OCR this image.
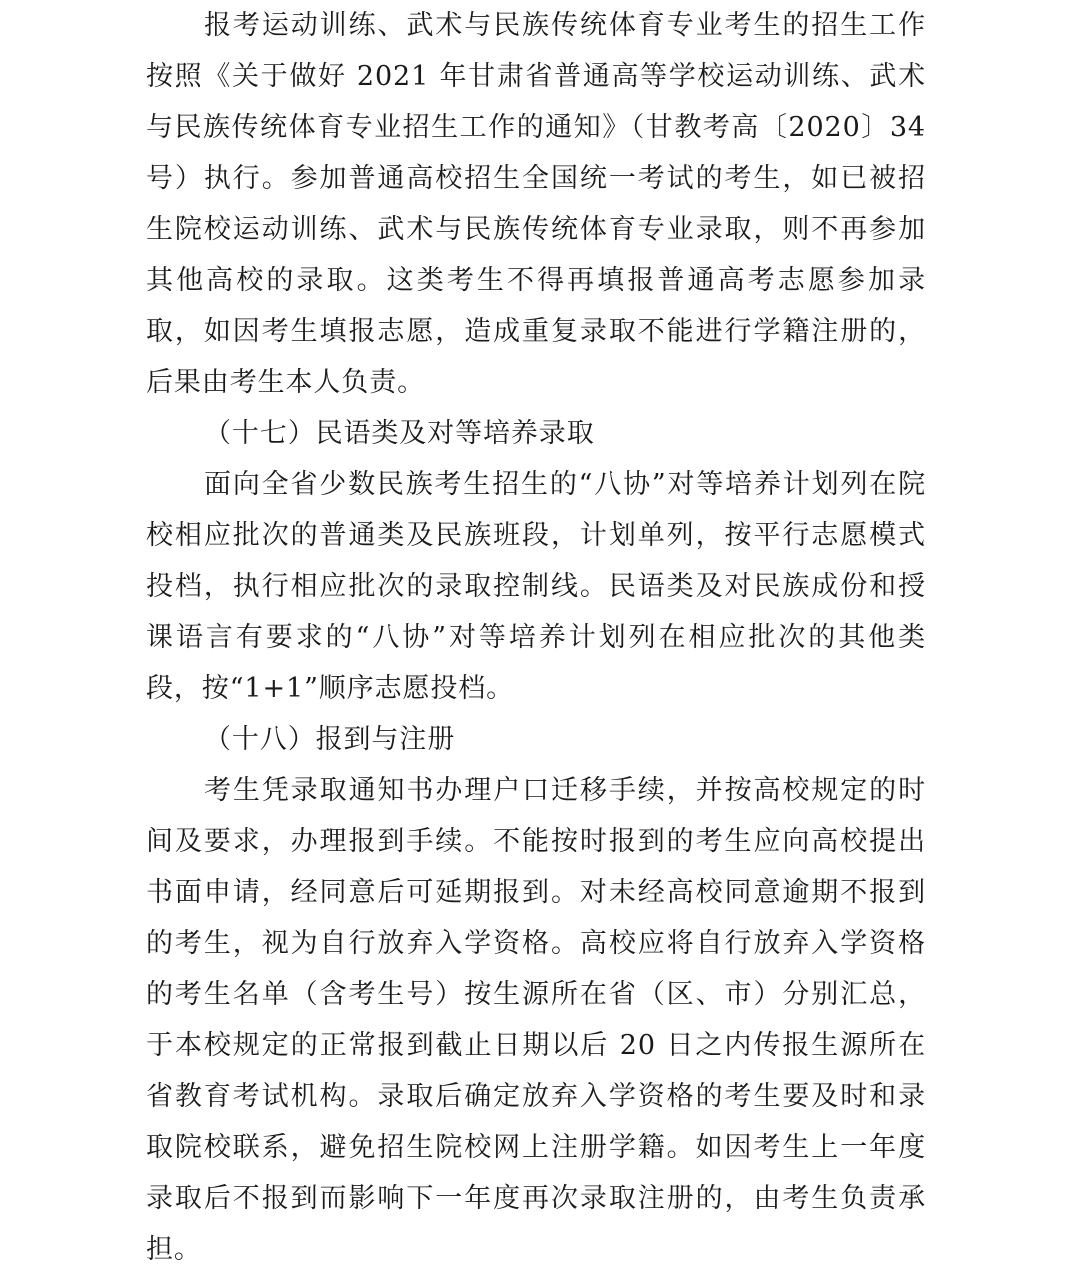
报考运动训练、武术与民族传统体育专业考生的招生工作按照《关于做好 2021 年甘肃省普通高等学校运动训练、武术与民族传统体育专业招生工作的通知》（甘教考高〔2020〕34 号）执行。参加普通高校招生全国统一考试的考生，如已被招生院校运动训练、武术与民族传统体育专业录取，则不再参加其他高校的录取。这类考生不得再填报普通高考志愿参加录取，如因考生填报志愿，造成重复录取不能进行学籍注册的，后果由考生本人负责。

（十七）民语类及对等培养录取

面向全省少数民族考生招生的“八协”对等培养计划列在院校相应批次的普通类及民族班段，计划单列，按平行志愿模式投档，执行相应批次的录取控制线。民语类及对民族成份和授课语言有要求的“八协”对等培养计划列在相应批次的其他类段，按“1+1”顺序志愿投档。

（十八）报到与注册

考生凭录取通知书办理户口迁移手续，并按高校规定的时间及要求，办理报到手续。不能按时报到的考生应向高校提出书面申请，经同意后可延期报到。对未经高校同意逾期不报到的考生，视为自行放弃入学资格。高校应将自行放弃入学资格的考生名单（含考生号）按生源所在省（区、市）分别汇总，于本校规定的正常报到截止日期以后 20 日之内传报生源所在省教育考试机构。录取后确定放弃入学资格的考生要及时和录取院校联系，避免招生院校网上注册学籍。如因考生上一年度录取后不报到而影响下一年度再次录取注册的，由考生负责承担。
